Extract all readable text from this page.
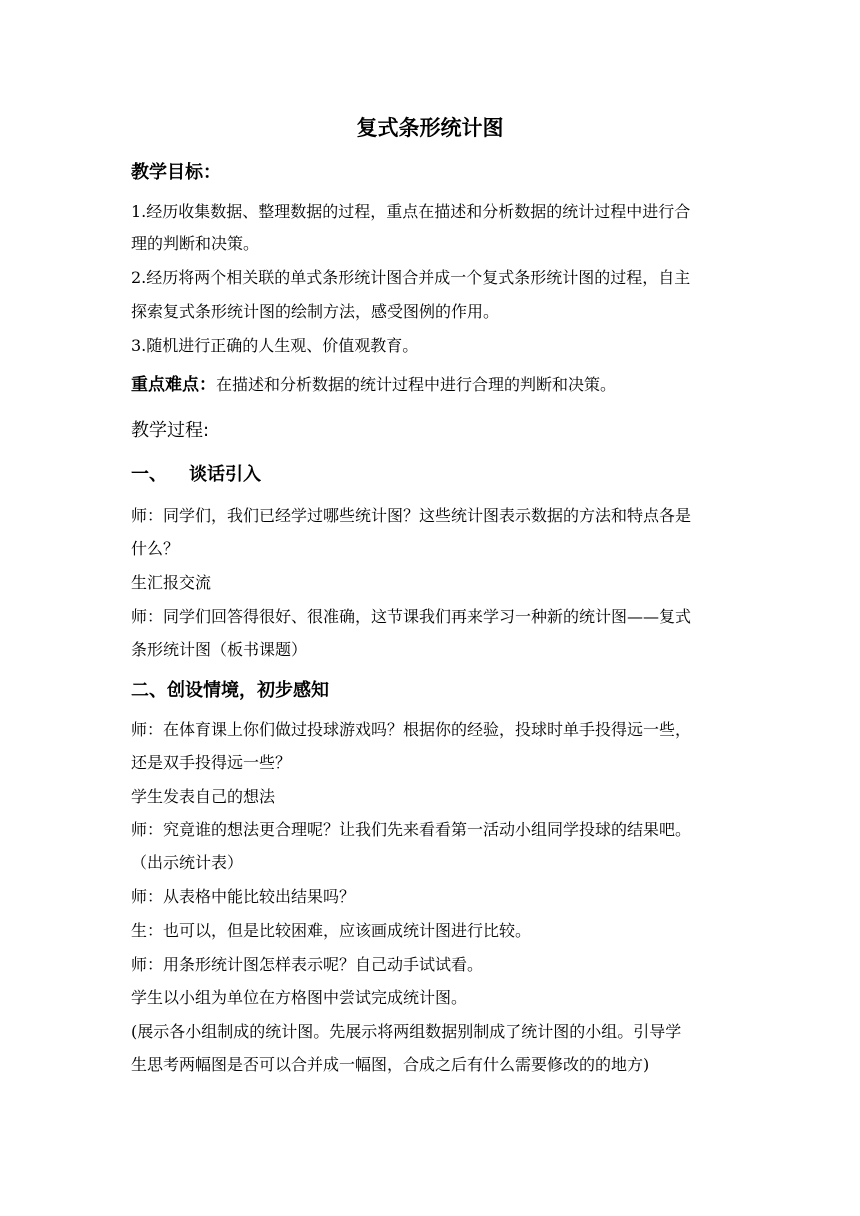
复式条形统计图
教学目标：
1.经历收集数据、整理数据的过程，重点在描述和分析数据的统计过程中进行合
理的判断和决策。
2.经历将两个相关联的单式条形统计图合并成一个复式条形统计图的过程，自主
探索复式条形统计图的绘制方法，感受图例的作用。
3.随机进行正确的人生观、价值观教育。
重点难点：在描述和分析数据的统计过程中进行合理的判断和决策。
教学过程:
一、 谈话引入
师：同学们，我们已经学过哪些统计图？这些统计图表示数据的方法和特点各是
什么？
生汇报交流
师：同学们回答得很好、很准确，这节课我们再来学习一种新的统计图——复式
条形统计图（板书课题）
二、创设情境，初步感知
师：在体育课上你们做过投球游戏吗？根据你的经验，投球时单手投得远一些，
还是双手投得远一些？
学生发表自己的想法
师：究竟谁的想法更合理呢？让我们先来看看第一活动小组同学投球的结果吧。
（出示统计表）
师：从表格中能比较出结果吗？
生：也可以，但是比较困难，应该画成统计图进行比较。
师：用条形统计图怎样表示呢？自己动手试试看。
学生以小组为单位在方格图中尝试完成统计图。
(展示各小组制成的统计图。先展示将两组数据别制成了统计图的小组。引导学
生思考两幅图是否可以合并成一幅图，合成之后有什么需要修改的的地方)
